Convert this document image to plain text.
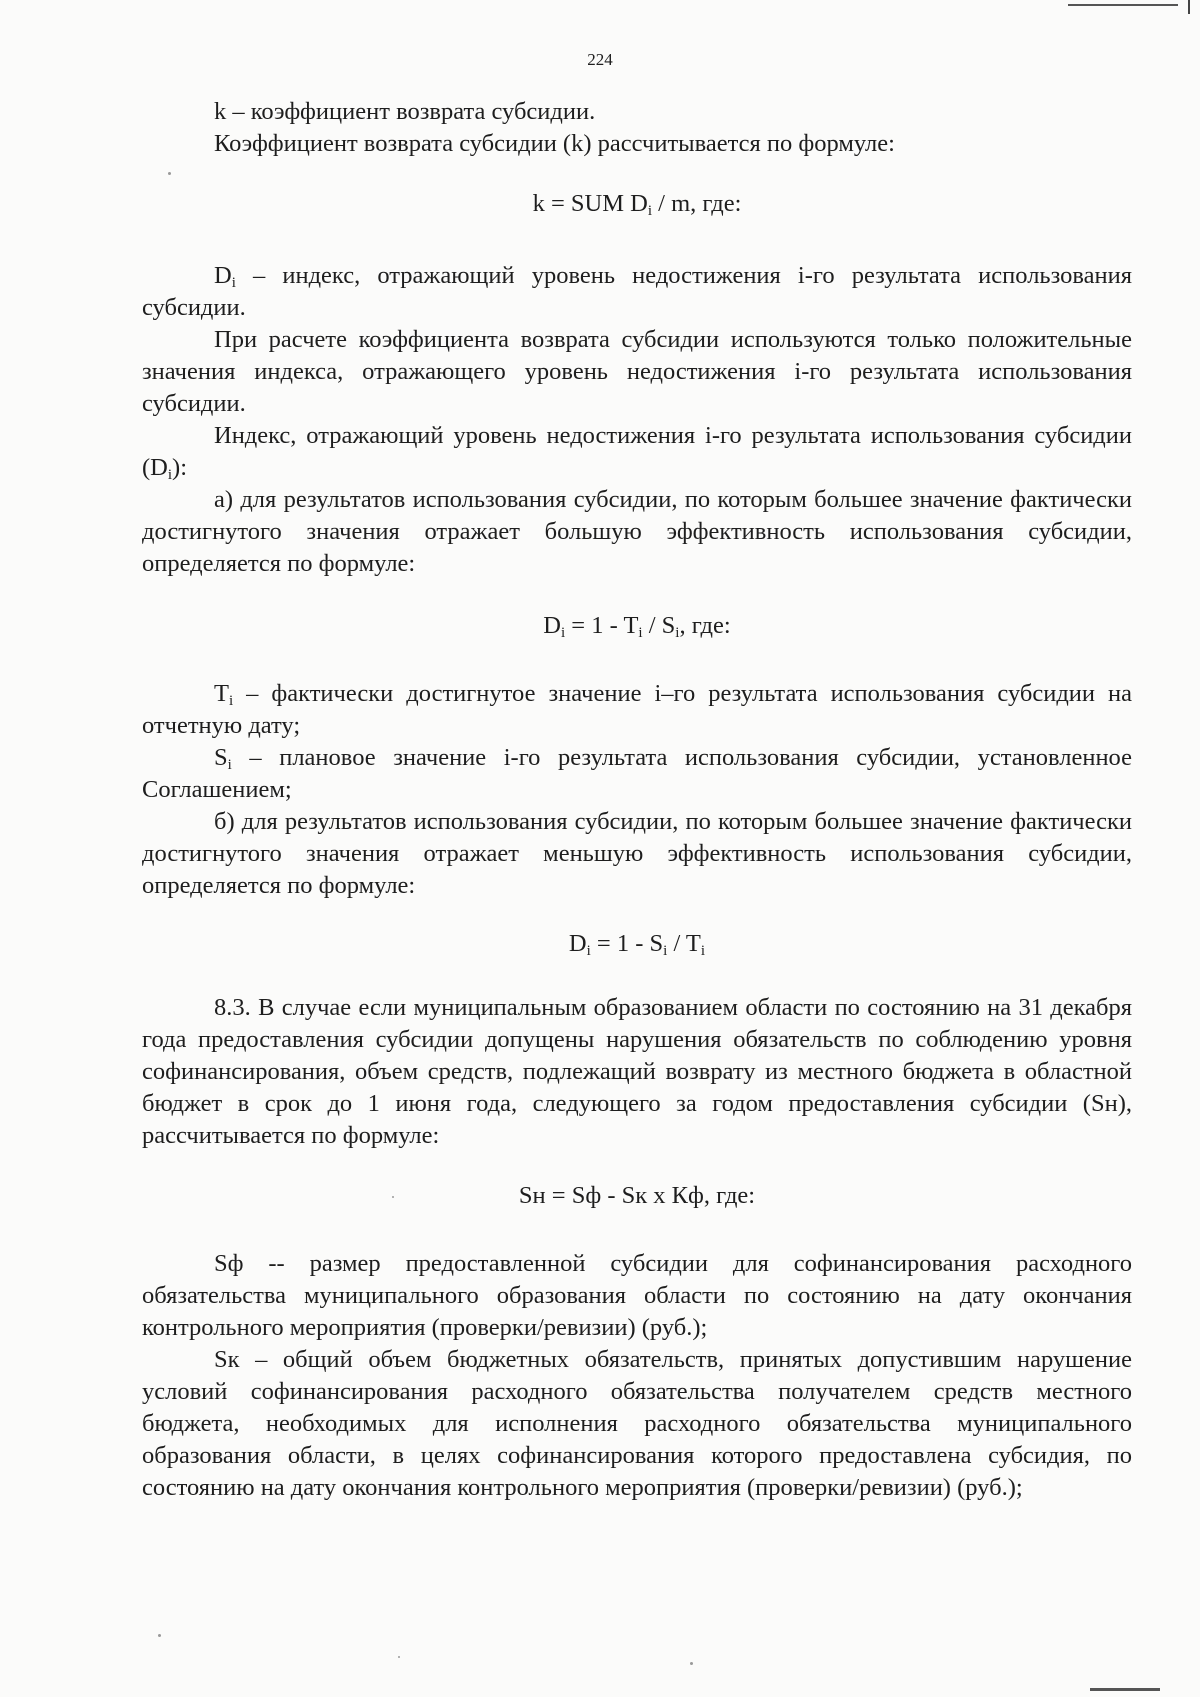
224

k – коэффициент возврата субсидии.

Коэффициент возврата субсидии (k) рассчитывается по формуле:

k = SUM $D_i$ / m, где:

$D_i$ – индекс, отражающий уровень недостижения i-го результата использования субсидии.

При расчете коэффициента возврата субсидии используются только положительные значения индекса, отражающего уровень недостижения i-го результата использования субсидии.

Индекс, отражающий уровень недостижения i-го результата использования субсидии $(D_i)$:

а) для результатов использования субсидии, по которым большее значение фактически достигнутого значения отражает большую эффективность использования субсидии, определяется по формуле:

$D_i = 1 - T_i / S_i$, где:

$T_i$ – фактически достигнутое значение i–го результата использования субсидии на отчетную дату;

$S_i$ – плановое значение i-го результата использования субсидии, установленное Соглашением;

б) для результатов использования субсидии, по которым большее значение фактически достигнутого значения отражает меньшую эффективность использования субсидии, определяется по формуле:

$D_i = 1 - S_i / T_i$

8.3. В случае если муниципальным образованием области по состоянию на 31 декабря года предоставления субсидии допущены нарушения обязательств по соблюдению уровня софинансирования, объем средств, подлежащий возврату из местного бюджета в областной бюджет в срок до 1 июня года, следующего за годом предоставления субсидии (Sн), рассчитывается по формуле:

Sн = Sф - Sк х Кф, где:

Sф -- размер предоставленной субсидии для софинансирования расходного обязательства муниципального образования области по состоянию на дату окончания контрольного мероприятия (проверки/ревизии) (руб.);

Sк – общий объем бюджетных обязательств, принятых допустившим нарушение условий софинансирования расходного обязательства получателем средств местного бюджета, необходимых для исполнения расходного обязательства муниципального образования области, в целях софинансирования которого предоставлена субсидия, по состоянию на дату окончания контрольного мероприятия (проверки/ревизии) (руб.);
